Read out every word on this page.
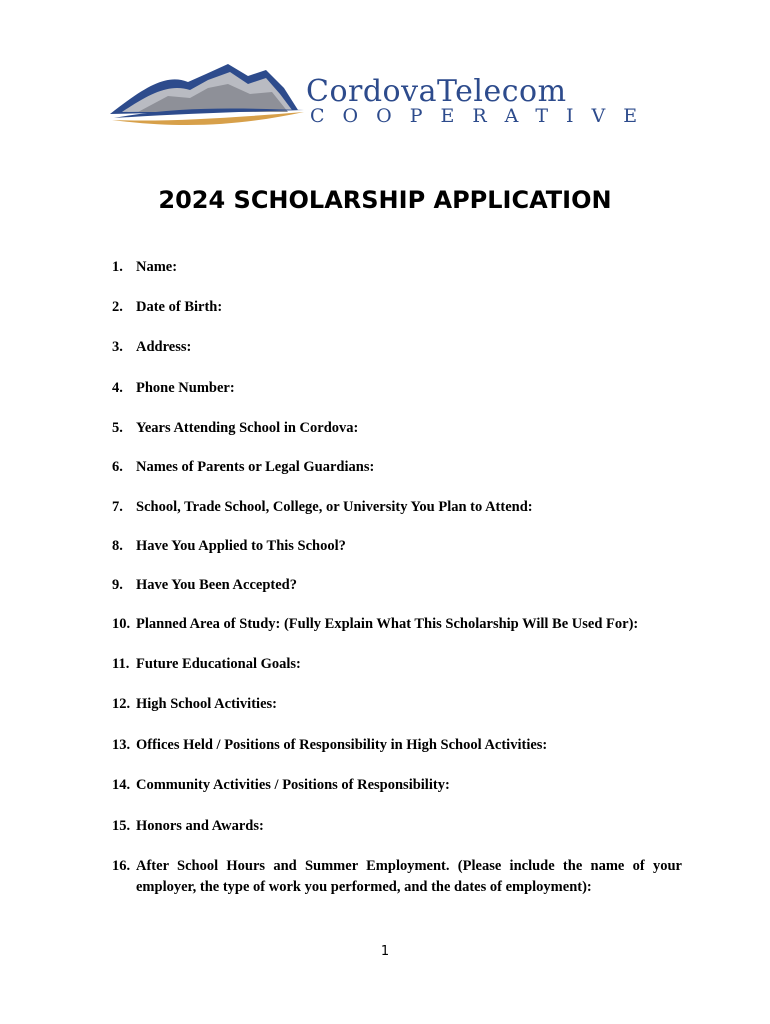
CordovaTelecom
COOPERATIVE
2024 SCHOLARSHIP APPLICATION
1. Name:
2. Date of Birth:
3. Address:
4. Phone Number:
5. Years Attending School in Cordova:
6. Names of Parents or Legal Guardians:
7. School, Trade School, College, or University You Plan to Attend:
8. Have You Applied to This School?
9. Have You Been Accepted?
10. Planned Area of Study: (Fully Explain What This Scholarship Will Be Used For):
11. Future Educational Goals:
12. High School Activities:
13. Offices Held / Positions of Responsibility in High School Activities:
14. Community Activities / Positions of Responsibility:
15. Honors and Awards:
16. After School Hours and Summer Employment. (Please include the name of your employer, the type of work you performed, and the dates of employment):
1
